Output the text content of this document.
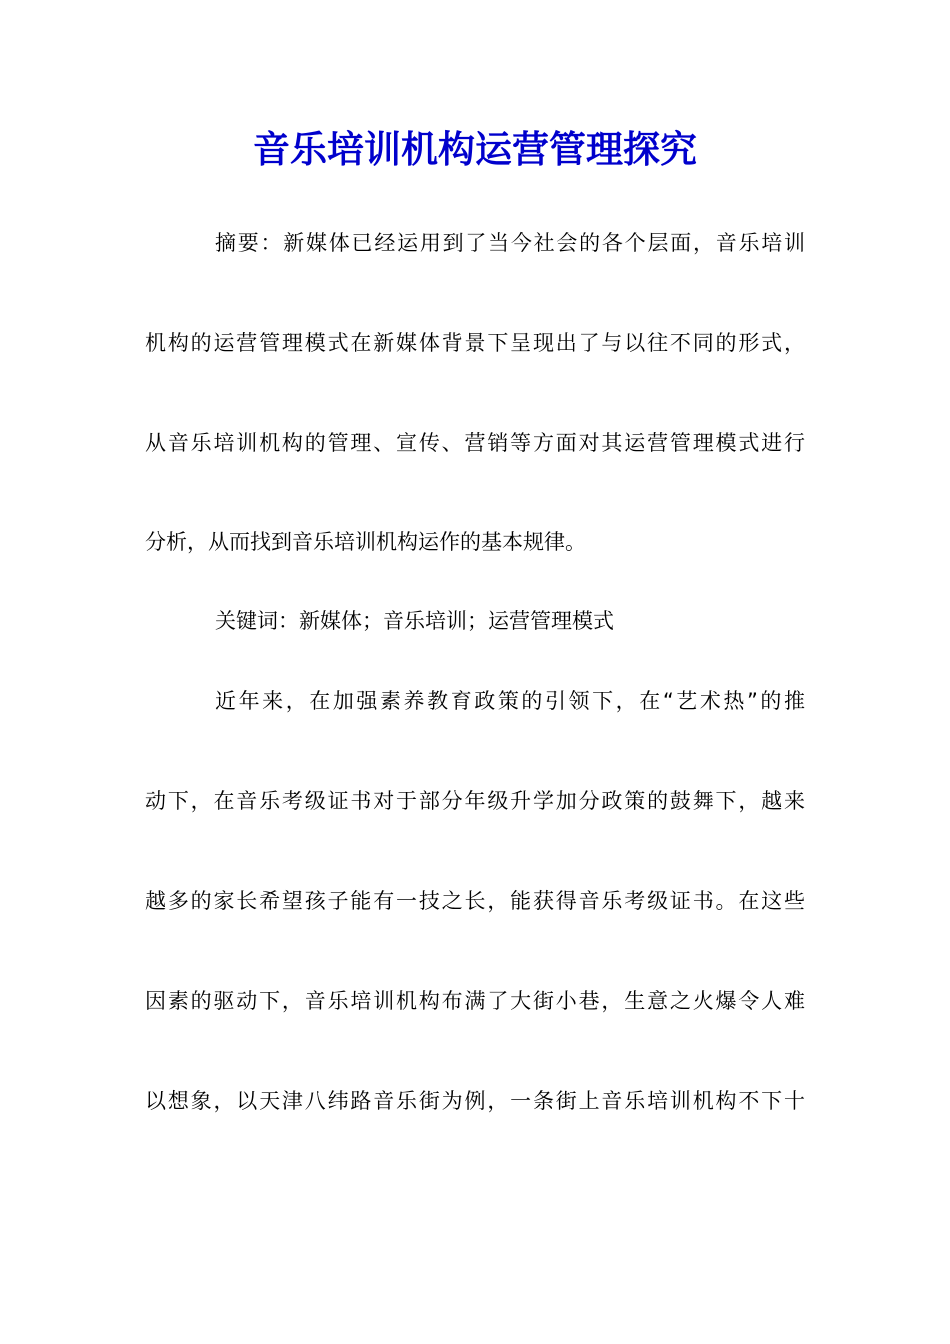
音乐培训机构运营管理探究
摘要：新媒体已经运用到了当今社会的各个层面，音乐培训
机构的运营管理模式在新媒体背景下呈现出了与以往不同的形式，
从音乐培训机构的管理、宣传、营销等方面对其运营管理模式进行
分析，从而找到音乐培训机构运作的基本规律。
关键词：新媒体；音乐培训；运营管理模式
近年来，在加强素养教育政策的引领下，在“艺术热”的推
动下，在音乐考级证书对于部分年级升学加分政策的鼓舞下，越来
越多的家长希望孩子能有一技之长，能获得音乐考级证书。在这些
因素的驱动下，音乐培训机构布满了大街小巷，生意之火爆令人难
以想象，以天津八纬路音乐街为例，一条街上音乐培训机构不下十
